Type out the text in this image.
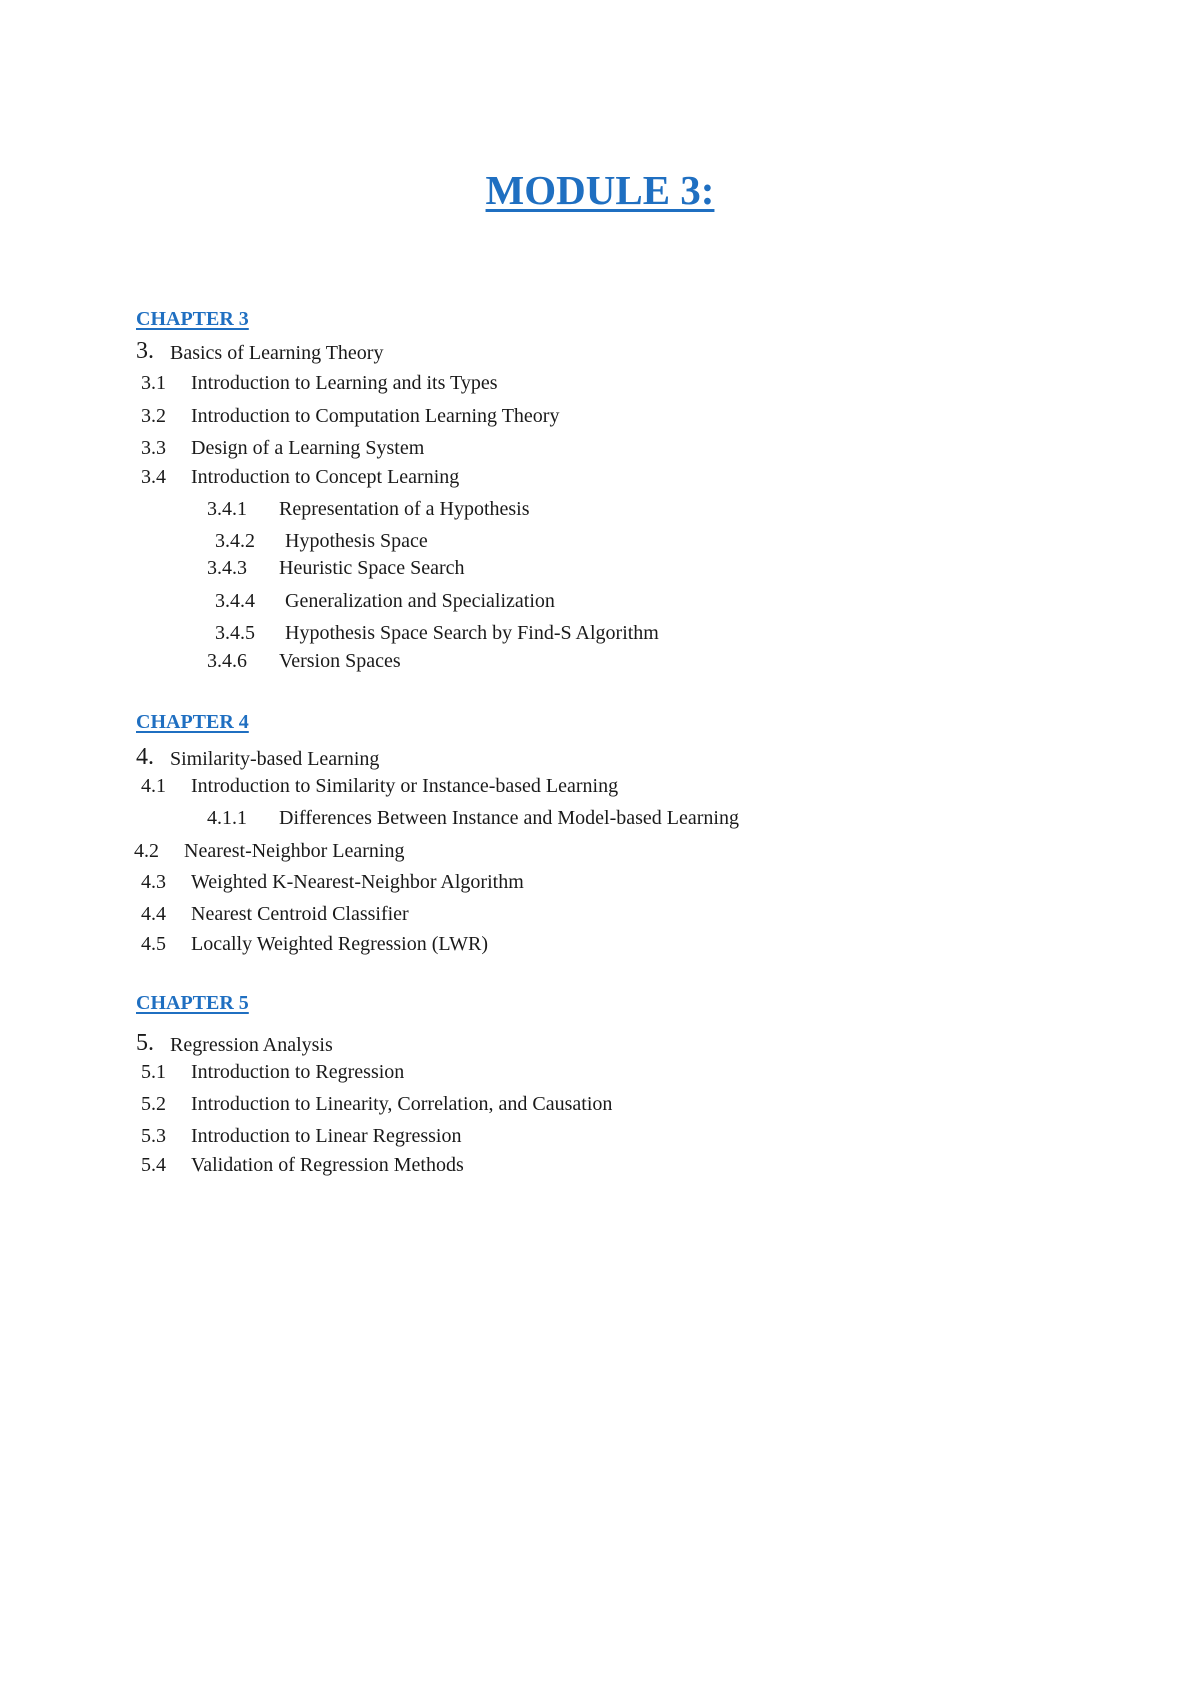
MODULE 3:
CHAPTER 3
3. Basics of Learning Theory
3.1 Introduction to Learning and its Types
3.2 Introduction to Computation Learning Theory
3.3 Design of a Learning System
3.4 Introduction to Concept Learning
3.4.1 Representation of a Hypothesis
3.4.2 Hypothesis Space
3.4.3 Heuristic Space Search
3.4.4 Generalization and Specialization
3.4.5 Hypothesis Space Search by Find-S Algorithm
3.4.6 Version Spaces
CHAPTER 4
4. Similarity-based Learning
4.1 Introduction to Similarity or Instance-based Learning
4.1.1 Differences Between Instance and Model-based Learning
4.2 Nearest-Neighbor Learning
4.3 Weighted K-Nearest-Neighbor Algorithm
4.4 Nearest Centroid Classifier
4.5 Locally Weighted Regression (LWR)
CHAPTER 5
5. Regression Analysis
5.1 Introduction to Regression
5.2 Introduction to Linearity, Correlation, and Causation
5.3 Introduction to Linear Regression
5.4 Validation of Regression Methods
